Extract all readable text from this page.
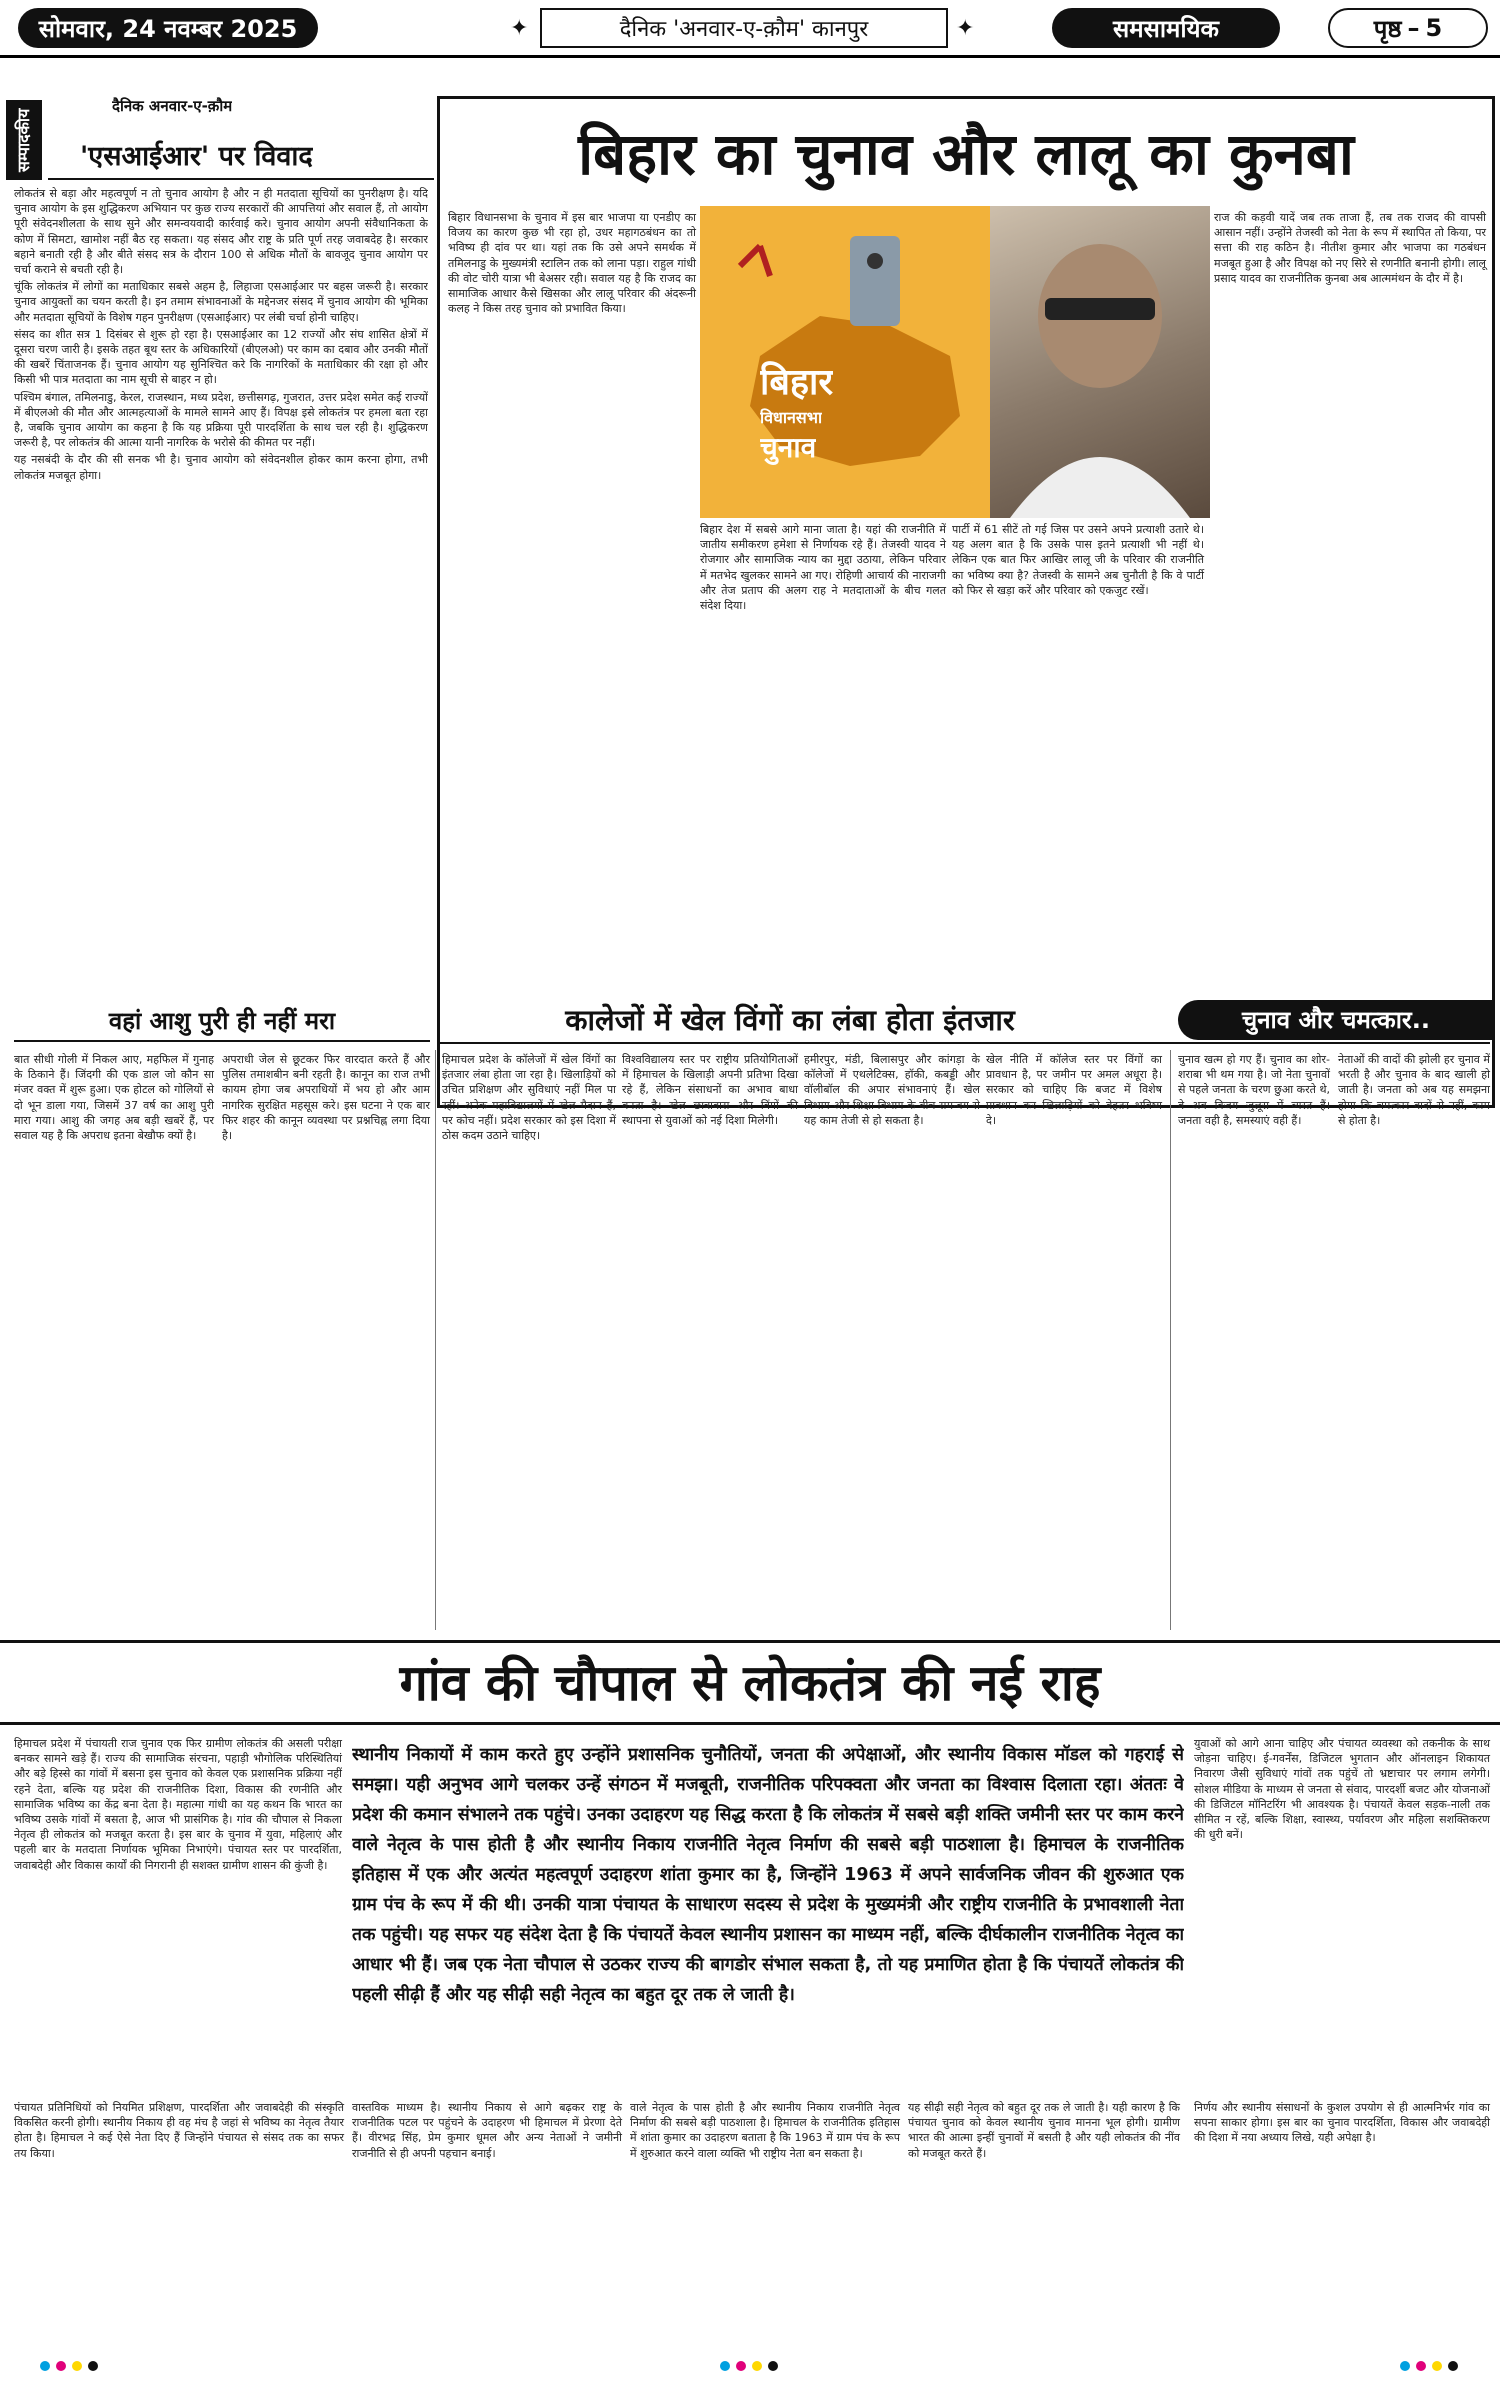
सोमवार, 24 नवम्बर 2025	✦	दैनिक 'अनवार-ए-क़ौम' कानपुर	✦	समसामयिक	पृष्ठ – 5
सम्पादकीय
दैनिक अनवार-ए-क़ौम
'एसआईआर' पर विवाद

लोकतंत्र से बड़ा और महत्वपूर्ण न तो चुनाव आयोग है और न ही मतदाता सूचियों का पुनरीक्षण है। यदि चुनाव आयोग के इस शुद्धिकरण अभियान पर कुछ राज्य सरकारों की आपत्तियां और सवाल हैं, तो आयोग पूरी संवेदनशीलता के साथ सुने और समन्वयवादी कार्रवाई करे। चुनाव आयोग अपनी संवैधानिकता के कोण में सिमटा, खामोश नहीं बैठ रह सकता। यह संसद और राष्ट्र के प्रति पूर्ण तरह जवाबदेह है। सरकार बहाने बनाती रही है और बीते संसद सत्र के दौरान 100 से अधिक मौतों के बावजूद चुनाव आयोग पर चर्चा कराने से बचती रही है।

चूंकि लोकतंत्र में लोगों का मताधिकार सबसे अहम है, लिहाजा एसआईआर पर बहस जरूरी है। सरकार चुनाव आयुक्तों का चयन करती है। इन तमाम संभावनाओं के मद्देनजर संसद में चुनाव आयोग की भूमिका और मतदाता सूचियों के विशेष गहन पुनरीक्षण (एसआईआर) पर लंबी चर्चा होनी चाहिए।

संसद का शीत सत्र 1 दिसंबर से शुरू हो रहा है। एसआईआर का 12 राज्यों और संघ शासित क्षेत्रों में दूसरा चरण जारी है। इसके तहत बूथ स्तर के अधिकारियों (बीएलओ) पर काम का दबाव और उनकी मौतों की खबरें चिंताजनक हैं। चुनाव आयोग यह सुनिश्चित करे कि नागरिकों के मताधिकार की रक्षा हो और किसी भी पात्र मतदाता का नाम सूची से बाहर न हो।

पश्चिम बंगाल, तमिलनाडु, केरल, राजस्थान, मध्य प्रदेश, छत्तीसगढ़, गुजरात, उत्तर प्रदेश समेत कई राज्यों में बीएलओ की मौत और आत्महत्याओं के मामले सामने आए हैं। विपक्ष इसे लोकतंत्र पर हमला बता रहा है, जबकि चुनाव आयोग का कहना है कि यह प्रक्रिया पूरी पारदर्शिता के साथ चल रही है। शुद्धिकरण जरूरी है, पर लोकतंत्र की आत्मा यानी नागरिक के भरोसे की कीमत पर नहीं।

यह नसबंदी के दौर की सी सनक भी है। चुनाव आयोग को संवेदनशील होकर काम करना होगा, तभी लोकतंत्र मजबूत होगा।

बिहार का चुनाव और लालू का कुनबा
बिहार
विधानसभा
चुनाव
बिहार विधानसभा के चुनाव में इस बार भाजपा या एनडीए का विजय का कारण कुछ भी रहा हो, उधर महागठबंधन का तो भविष्य ही दांव पर था। यहां तक कि उसे अपने समर्थक में तमिलनाडु के मुख्यमंत्री स्टालिन तक को लाना पड़ा। राहुल गांधी की वोट चोरी यात्रा भी बेअसर रही। सवाल यह है कि राजद का सामाजिक आधार कैसे खिसका और लालू परिवार की अंदरूनी कलह ने किस तरह चुनाव को प्रभावित किया।
बिहार देश में सबसे आगे माना जाता है। यहां की राजनीति में जातीय समीकरण हमेशा से निर्णायक रहे हैं। तेजस्वी यादव ने रोजगार और सामाजिक न्याय का मुद्दा उठाया, लेकिन परिवार में मतभेद खुलकर सामने आ गए। रोहिणी आचार्य की नाराजगी और तेज प्रताप की अलग राह ने मतदाताओं के बीच गलत संदेश दिया।
पार्टी में 61 सीटें तो गई जिस पर उसने अपने प्रत्याशी उतारे थे। यह अलग बात है कि उसके पास इतने प्रत्याशी भी नहीं थे। लेकिन एक बात फिर आखिर लालू जी के परिवार की राजनीति का भविष्य क्या है? तेजस्वी के सामने अब चुनौती है कि वे पार्टी को फिर से खड़ा करें और परिवार को एकजुट रखें।
राज की कड़वी यादें जब तक ताजा हैं, तब तक राजद की वापसी आसान नहीं। उन्होंने तेजस्वी को नेता के रूप में स्थापित तो किया, पर सत्ता की राह कठिन है। नीतीश कुमार और भाजपा का गठबंधन मजबूत हुआ है और विपक्ष को नए सिरे से रणनीति बनानी होगी। लालू प्रसाद यादव का राजनीतिक कुनबा अब आत्ममंथन के दौर में है।
वहां आशु पुरी ही नहीं मरा	कालेजों में खेल विंगों का लंबा होता इंतजार	चुनाव और चमत्कार..
बात सीधी गोली में निकल आए, महफिल में गुनाह के ठिकाने हैं। जिंदगी की एक डाल जो कौन सा मंजर वक्त में शुरू हुआ। एक होटल को गोलियों से दो भून डाला गया, जिसमें 37 वर्ष का आशु पुरी मारा गया। आशु की जगह अब बड़ी खबरें हैं, पर सवाल यह है कि अपराध इतना बेखौफ क्यों है।
अपराधी जेल से छूटकर फिर वारदात करते हैं और पुलिस तमाशबीन बनी रहती है। कानून का राज तभी कायम होगा जब अपराधियों में भय हो और आम नागरिक सुरक्षित महसूस करे। इस घटना ने एक बार फिर शहर की कानून व्यवस्था पर प्रश्नचिह्न लगा दिया है।
हिमाचल प्रदेश के कॉलेजों में खेल विंगों का इंतजार लंबा होता जा रहा है। खिलाड़ियों को उचित प्रशिक्षण और सुविधाएं नहीं मिल पा रहीं। अनेक महाविद्यालयों में खेल मैदान हैं, पर कोच नहीं। प्रदेश सरकार को इस दिशा में ठोस कदम उठाने चाहिए।
विश्वविद्यालय स्तर पर राष्ट्रीय प्रतियोगिताओं में हिमाचल के खिलाड़ी अपनी प्रतिभा दिखा रहे हैं, लेकिन संसाधनों का अभाव बाधा बनता है। खेल छात्रावास और विंगों की स्थापना से युवाओं को नई दिशा मिलेगी।
हमीरपुर, मंडी, बिलासपुर और कांगड़ा के कॉलेजों में एथलेटिक्स, हॉकी, कबड्डी और वॉलीबॉल की अपार संभावनाएं हैं। खेल विभाग और शिक्षा विभाग के बीच समन्वय से यह काम तेजी से हो सकता है।
खेल नीति में कॉलेज स्तर पर विंगों का प्रावधान है, पर जमीन पर अमल अधूरा है। सरकार को चाहिए कि बजट में विशेष प्रावधान कर खिलाड़ियों को बेहतर भविष्य दे।
चुनाव खत्म हो गए हैं। चुनाव का शोर-शराबा भी थम गया है। जो नेता चुनावों से पहले जनता के चरण छुआ करते थे, वे अब विजय जुलूस में व्यस्त हैं। जनता वही है, समस्याएं वही हैं।
नेताओं की वादों की झोली हर चुनाव में भरती है और चुनाव के बाद खाली हो जाती है। जनता को अब यह समझना होगा कि चमत्कार वादों से नहीं, काम से होता है।
गांव की चौपाल से लोकतंत्र की नई राह
हिमाचल प्रदेश में पंचायती राज चुनाव एक फिर ग्रामीण लोकतंत्र की असली परीक्षा बनकर सामने खड़े हैं। राज्य की सामाजिक संरचना, पहाड़ी भौगोलिक परिस्थितियां और बड़े हिस्से का गांवों में बसना इस चुनाव को केवल एक प्रशासनिक प्रक्रिया नहीं रहने देता, बल्कि यह प्रदेश की राजनीतिक दिशा, विकास की रणनीति और सामाजिक भविष्य का केंद्र बना देता है। महात्मा गांधी का यह कथन कि भारत का भविष्य उसके गांवों में बसता है, आज भी प्रासंगिक है। गांव की चौपाल से निकला नेतृत्व ही लोकतंत्र को मजबूत करता है। इस बार के चुनाव में युवा, महिलाएं और पहली बार के मतदाता निर्णायक भूमिका निभाएंगे। पंचायत स्तर पर पारदर्शिता, जवाबदेही और विकास कार्यों की निगरानी ही सशक्त ग्रामीण शासन की कुंजी है।
स्थानीय निकायों में काम करते हुए उन्होंने प्रशासनिक चुनौतियों, जनता की अपेक्षाओं, और स्थानीय विकास मॉडल को गहराई से समझा। यही अनुभव आगे चलकर उन्हें संगठन में मजबूती, राजनीतिक परिपक्वता और जनता का विश्वास दिलाता रहा। अंततः वे प्रदेश की कमान संभालने तक पहुंचे। उनका उदाहरण यह सिद्ध करता है कि लोकतंत्र में सबसे बड़ी शक्ति जमीनी स्तर पर काम करने वाले नेतृत्व के पास होती है और स्थानीय निकाय राजनीति नेतृत्व निर्माण की सबसे बड़ी पाठशाला है। हिमाचल के राजनीतिक इतिहास में एक और अत्यंत महत्वपूर्ण उदाहरण शांता कुमार का है, जिन्होंने 1963 में अपने सार्वजनिक जीवन की शुरुआत एक ग्राम पंच के रूप में की थी। उनकी यात्रा पंचायत के साधारण सदस्य से प्रदेश के मुख्यमंत्री और राष्ट्रीय राजनीति के प्रभावशाली नेता तक पहुंची। यह सफर यह संदेश देता है कि पंचायतें केवल स्थानीय प्रशासन का माध्यम नहीं, बल्कि दीर्घकालीन राजनीतिक नेतृत्व का आधार भी हैं। जब एक नेता चौपाल से उठकर राज्य की बागडोर संभाल सकता है, तो यह प्रमाणित होता है कि पंचायतें लोकतंत्र की पहली सीढ़ी हैं और यह सीढ़ी सही नेतृत्व का बहुत दूर तक ले जाती है।
युवाओं को आगे आना चाहिए और पंचायत व्यवस्था को तकनीक के साथ जोड़ना चाहिए। ई-गवर्नेंस, डिजिटल भुगतान और ऑनलाइन शिकायत निवारण जैसी सुविधाएं गांवों तक पहुंचें तो भ्रष्टाचार पर लगाम लगेगी। सोशल मीडिया के माध्यम से जनता से संवाद, पारदर्शी बजट और योजनाओं की डिजिटल मॉनिटरिंग भी आवश्यक है। पंचायतें केवल सड़क-नाली तक सीमित न रहें, बल्कि शिक्षा, स्वास्थ्य, पर्यावरण और महिला सशक्तिकरण की धुरी बनें।
पंचायत प्रतिनिधियों को नियमित प्रशिक्षण, पारदर्शिता और जवाबदेही की संस्कृति विकसित करनी होगी। स्थानीय निकाय ही वह मंच है जहां से भविष्य का नेतृत्व तैयार होता है। हिमाचल ने कई ऐसे नेता दिए हैं जिन्होंने पंचायत से संसद तक का सफर तय किया।
वास्तविक माध्यम है। स्थानीय निकाय से आगे बढ़कर राष्ट्र के राजनीतिक पटल पर पहुंचने के उदाहरण भी हिमाचल में प्रेरणा देते हैं। वीरभद्र सिंह, प्रेम कुमार धूमल और अन्य नेताओं ने जमीनी राजनीति से ही अपनी पहचान बनाई।
वाले नेतृत्व के पास होती है और स्थानीय निकाय राजनीति नेतृत्व निर्माण की सबसे बड़ी पाठशाला है। हिमाचल के राजनीतिक इतिहास में शांता कुमार का उदाहरण बताता है कि 1963 में ग्राम पंच के रूप में शुरुआत करने वाला व्यक्ति भी राष्ट्रीय नेता बन सकता है।
यह सीढ़ी सही नेतृत्व को बहुत दूर तक ले जाती है। यही कारण है कि पंचायत चुनाव को केवल स्थानीय चुनाव मानना भूल होगी। ग्रामीण भारत की आत्मा इन्हीं चुनावों में बसती है और यही लोकतंत्र की नींव को मजबूत करते हैं।
निर्णय और स्थानीय संसाधनों के कुशल उपयोग से ही आत्मनिर्भर गांव का सपना साकार होगा। इस बार का चुनाव पारदर्शिता, विकास और जवाबदेही की दिशा में नया अध्याय लिखे, यही अपेक्षा है।
